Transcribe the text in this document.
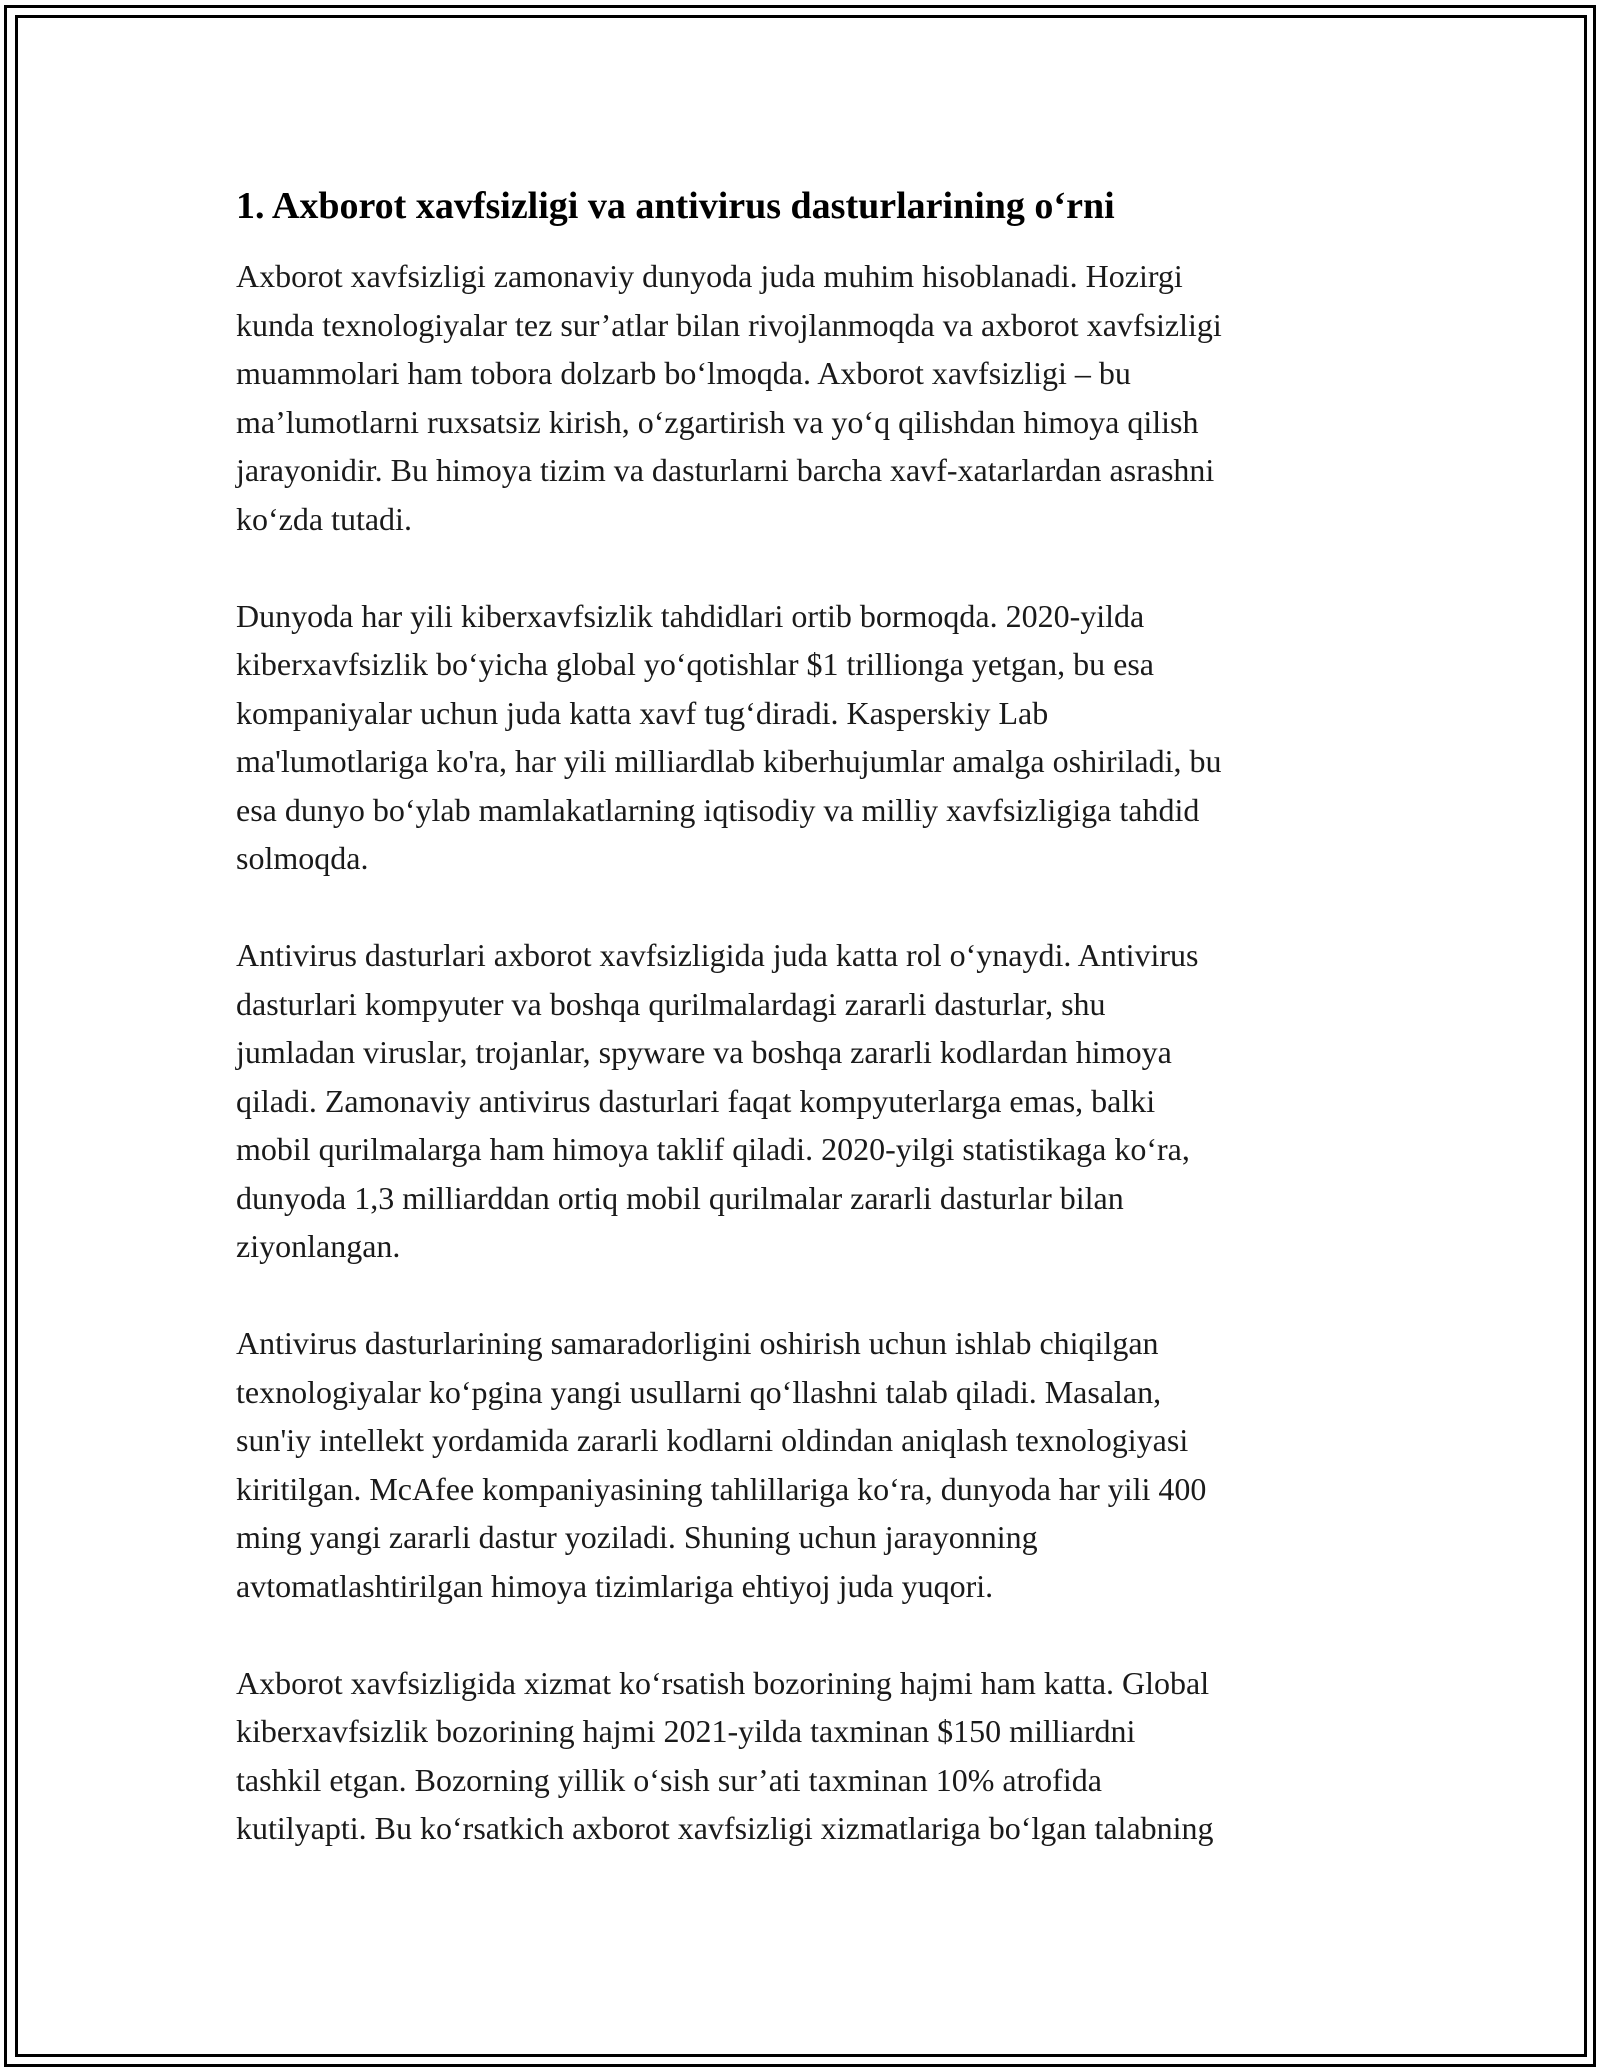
1. Axborot xavfsizligi va antivirus dasturlarining o‘rni
Axborot xavfsizligi zamonaviy dunyoda juda muhim hisoblanadi. Hozirgi
kunda texnologiyalar tez sur’atlar bilan rivojlanmoqda va axborot xavfsizligi
muammolari ham tobora dolzarb bo‘lmoqda. Axborot xavfsizligi – bu
ma’lumotlarni ruxsatsiz kirish, o‘zgartirish va yo‘q qilishdan himoya qilish
jarayonidir. Bu himoya tizim va dasturlarni barcha xavf-xatarlardan asrashni
ko‘zda tutadi.
Dunyoda har yili kiberxavfsizlik tahdidlari ortib bormoqda. 2020-yilda
kiberxavfsizlik bo‘yicha global yo‘qotishlar $1 trillionga yetgan, bu esa
kompaniyalar uchun juda katta xavf tug‘diradi. Kasperskiy Lab
ma'lumotlariga ko'ra, har yili milliardlab kiberhujumlar amalga oshiriladi, bu
esa dunyo bo‘ylab mamlakatlarning iqtisodiy va milliy xavfsizligiga tahdid
solmoqda.
Antivirus dasturlari axborot xavfsizligida juda katta rol o‘ynaydi. Antivirus
dasturlari kompyuter va boshqa qurilmalardagi zararli dasturlar, shu
jumladan viruslar, trojanlar, spyware va boshqa zararli kodlardan himoya
qiladi. Zamonaviy antivirus dasturlari faqat kompyuterlarga emas, balki
mobil qurilmalarga ham himoya taklif qiladi. 2020-yilgi statistikaga ko‘ra,
dunyoda 1,3 milliarddan ortiq mobil qurilmalar zararli dasturlar bilan
ziyonlangan.
Antivirus dasturlarining samaradorligini oshirish uchun ishlab chiqilgan
texnologiyalar ko‘pgina yangi usullarni qo‘llashni talab qiladi. Masalan,
sun'iy intellekt yordamida zararli kodlarni oldindan aniqlash texnologiyasi
kiritilgan. McAfee kompaniyasining tahlillariga ko‘ra, dunyoda har yili 400
ming yangi zararli dastur yoziladi. Shuning uchun jarayonning
avtomatlashtirilgan himoya tizimlariga ehtiyoj juda yuqori.
Axborot xavfsizligida xizmat ko‘rsatish bozorining hajmi ham katta. Global
kiberxavfsizlik bozorining hajmi 2021-yilda taxminan $150 milliardni
tashkil etgan. Bozorning yillik o‘sish sur’ati taxminan 10% atrofida
kutilyapti. Bu ko‘rsatkich axborot xavfsizligi xizmatlariga bo‘lgan talabning
